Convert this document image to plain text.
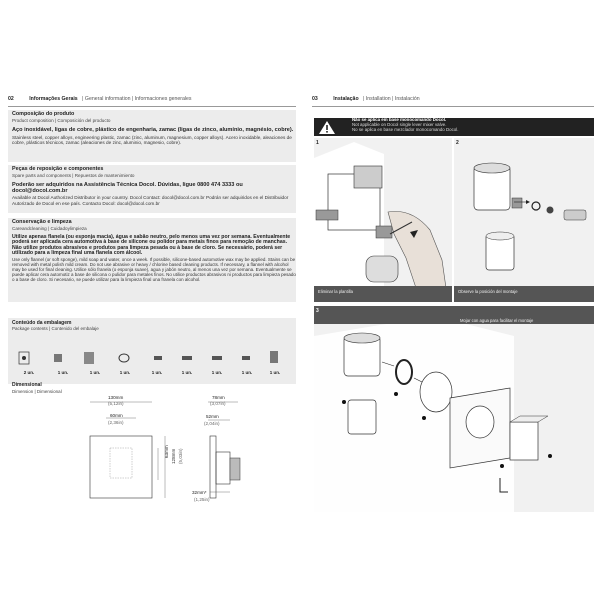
02	Informações Gerais | General information | Informaciones generales
Composição do produto
Product composition | Composición del producto
Aço inoxidável, ligas de cobre, plástico de engenharia, zamac (ligas de zinco, alumínio, magnésio, cobre).
Stainless steel, copper alloys, engineering plastic, zamac (zinc, aluminum, magnesium, copper alloys). Acero inoxidable, aleaciones de cobre, plásticos técnicos, zamac (aleaciones de zinc, aluminio, magnesio, cobre).
Peças de reposição e componentes
Spare parts and components | Repuestos de mantenimiento
Poderão ser adquiridos na Assistência Técnica Docol. Dúvidas, ligue 0800 474 3333 ou docol@docol.com.br
Available at Docol Authorized Distributor in your country. Docol Contact: docol@docol.com.br Podrán ser adquiridos en el Distribuidor Autorizado de Docol en ese país. Contacto Docol: docol@docol.com.br
Conservação e limpeza
Careandcleaning | Cuidadoylimpieza
Utilize apenas flanela (ou esponja macia), água e sabão neutro, pelo menos uma vez por semana. Eventualmente poderá ser aplicada cera automotiva à base de silicone ou polidor para metais finos para remoção de manchas. Não utilize produtos abrasivos e produtos para limpeza pesada ou à base de cloro. Se necessário, poderá ser utilizado para a limpeza final uma flanela com álcool.
Use only flannel (or soft sponge), mild soap and water, once a week. If possible, silicone-based automotive wax may be applied. Stains can be removed with metal polish mild cream. Do not use abrasive or heavy / chlorine based cleaning products. If necessary, a flannel with alcohol may be used for final cleaning. Utilice sólo franela (o esponja suave), agua y jabón neutro, al menos una vez por semana. Eventualmente se puede aplicar cera automotiz a base de silicona o pulidor para metales finos. No utilice productos abrasivos ni productos para limpieza pesado o a base de cloro. Si necesario, se puede utilizar para la limpieza final una franela con alcohol.
Conteúdo da embalagem
Package contents | Contenido del embalaje
2 un.	1 un.	1 un.	1 un.	1 un.	1 un.	1 un.	1 un.	1 un.
Dimensional
Dimension | Dimensional
130mm
(5,12in)
60mm
(2,36in)
63mm 128mm (5,03in)
78mm
(3,07in)
52mm
(2,04in)
32mm*
(1,25in)
03	Instalação | Installation | Instalación
Não se aplica em base monocomando Docol.
Not applicable on Docol single lever mixer valve.
No se aplica en base mezclador monocomando Docol.
1
Eliminar la plantilla
2
Observe la posición del montaje
3
Mojar con agua para facilitar el montaje
